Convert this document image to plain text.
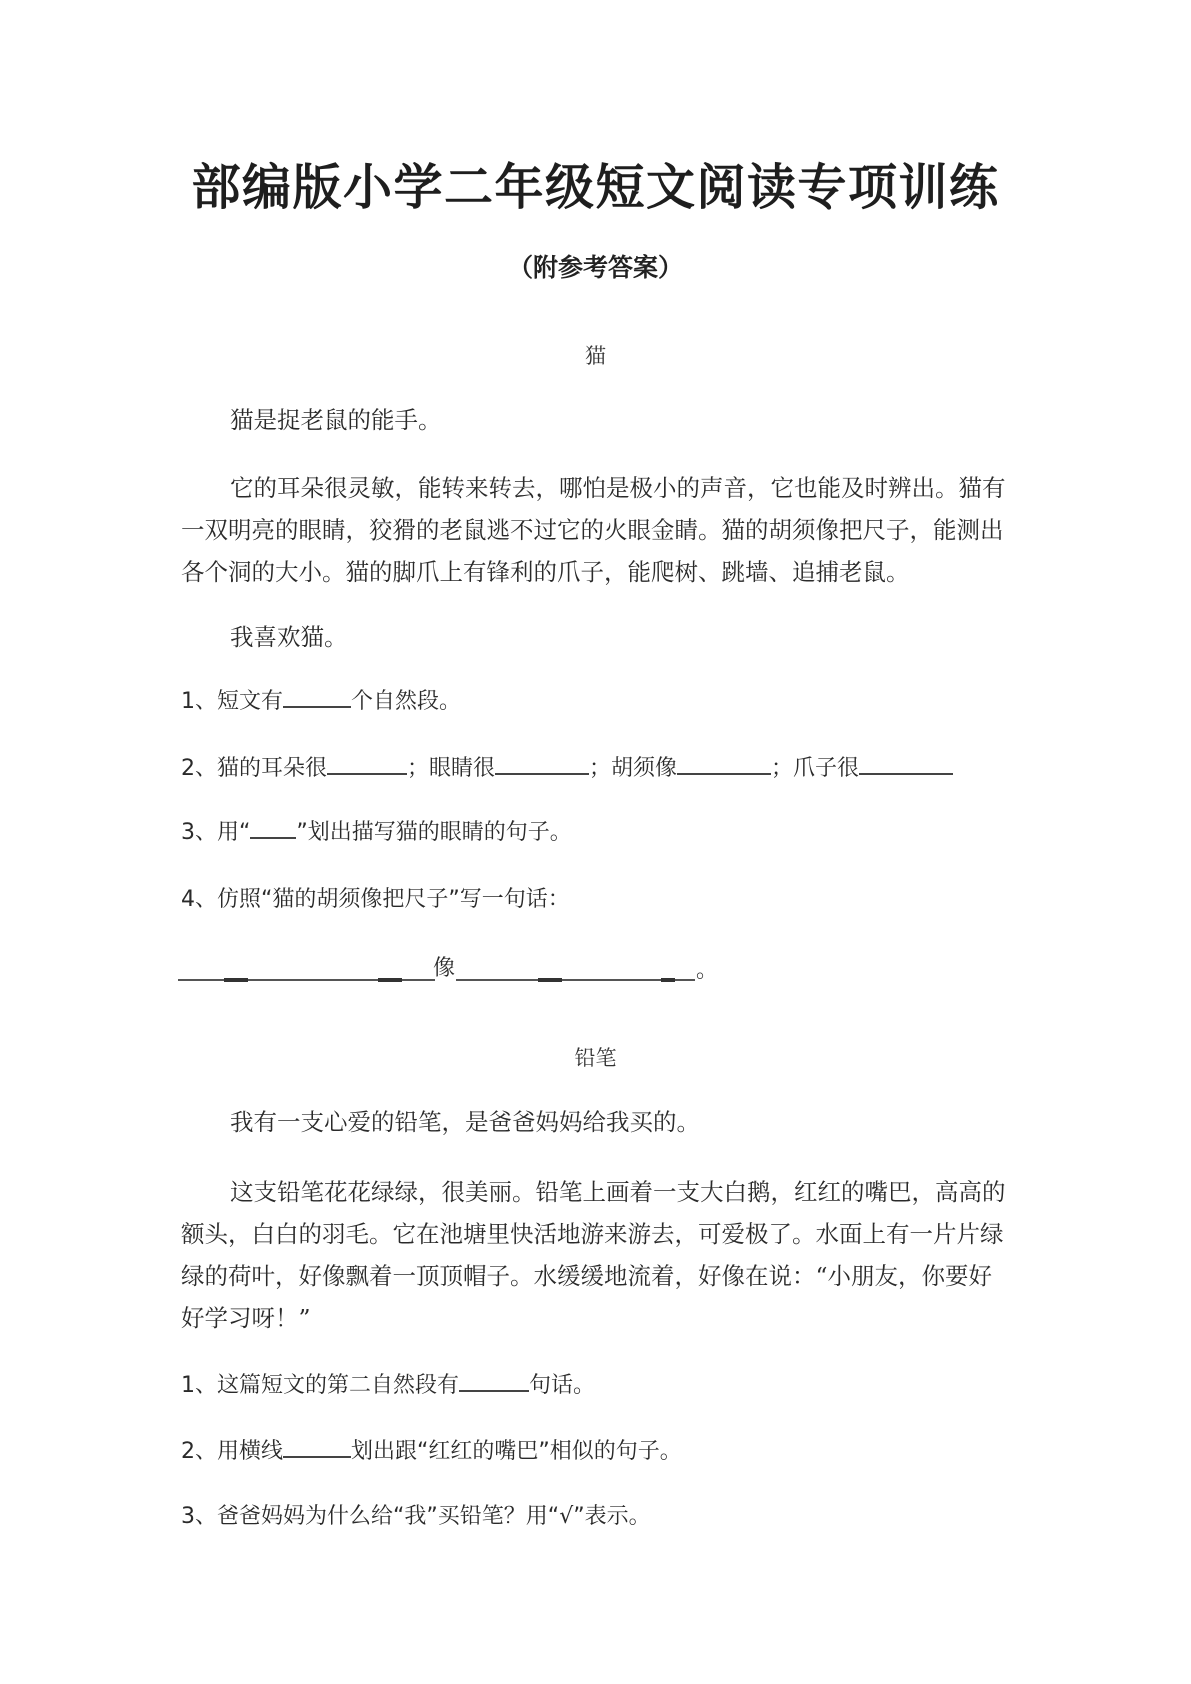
部编版小学二年级短文阅读专项训练
（附参考答案）
猫
猫是捉老鼠的能手。
它的耳朵很灵敏，能转来转去，哪怕是极小的声音，它也能及时辨出。猫有
一双明亮的眼睛，狡猾的老鼠逃不过它的火眼金睛。猫的胡须像把尺子，能测出
各个洞的大小。猫的脚爪上有锋利的爪子，能爬树、跳墙、追捕老鼠。
我喜欢猫。
1、短文有	个自然段。
2、猫的耳朵很	；眼睛很	；胡须像	；爪子很
3、用“ ”划出描写猫的眼睛的句子。
4、仿照“猫的胡须像把尺子”写一句话：
像	。
铅笔
我有一支心爱的铅笔，是爸爸妈妈给我买的。
这支铅笔花花绿绿，很美丽。铅笔上画着一支大白鹅，红红的嘴巴，高高的
额头，白白的羽毛。它在池塘里快活地游来游去，可爱极了。水面上有一片片绿
绿的荷叶，好像飘着一顶顶帽子。水缓缓地流着，好像在说：“小朋友，你要好
好学习呀！”
1、这篇短文的第二自然段有	句话。
2、用横线	划出跟“红红的嘴巴”相似的句子。
3、爸爸妈妈为什么给“我”买铅笔？用“√”表示。
